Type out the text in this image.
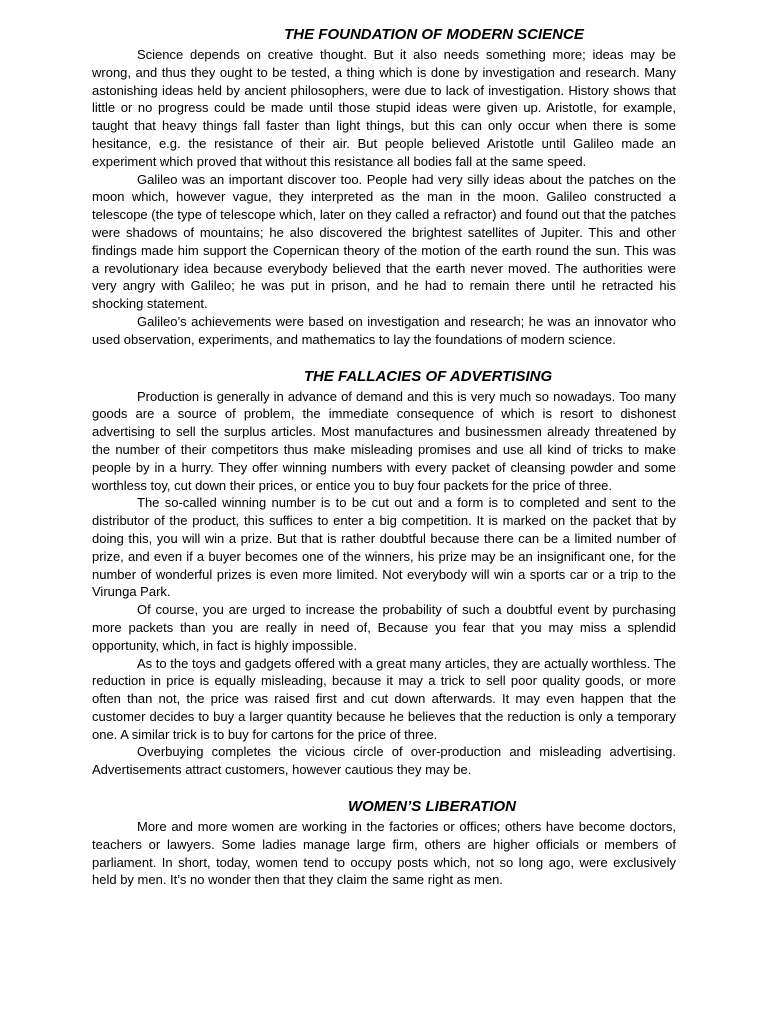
THE FOUNDATION OF MODERN SCIENCE

Science depends on creative thought. But it also needs something more; ideas may be wrong, and thus they ought to be tested, a thing which is done by investigation and research. Many astonishing ideas held by ancient philosophers, were due to lack of investigation. History shows that little or no progress could be made until those stupid ideas were given up. Aristotle, for example, taught that heavy things fall faster than light things, but this can only occur when there is some hesitance, e.g. the resistance of their air. But people believed Aristotle until Galileo made an experiment which proved that without this resistance all bodies fall at the same speed.

Galileo was an important discover too. People had very silly ideas about the patches on the moon which, however vague, they interpreted as the man in the moon. Galileo constructed a telescope (the type of telescope which, later on they called a refractor) and found out that the patches were shadows of mountains; he also discovered the brightest satellites of Jupiter. This and other findings made him support the Copernican theory of the motion of the earth round the sun. This was a revolutionary idea because everybody believed that the earth never moved. The authorities were very angry with Galileo; he was put in prison, and he had to remain there until he retracted his shocking statement.

Galileo’s achievements were based on investigation and research; he was an innovator who used observation, experiments, and mathematics to lay the foundations of modern science.

THE FALLACIES OF ADVERTISING

Production is generally in advance of demand and this is very much so nowadays. Too many goods are a source of problem, the immediate consequence of which is resort to dishonest advertising to sell the surplus articles. Most manufactures and businessmen already threatened by the number of their competitors thus make misleading promises and use all kind of tricks to make people by in a hurry. They offer winning numbers with every packet of cleansing powder and some worthless toy, cut down their prices, or entice you to buy four packets for the price of three.

The so-called winning number is to be cut out and a form is to completed and sent to the distributor of the product, this suffices to enter a big competition. It is marked on the packet that by doing this, you will win a prize. But that is rather doubtful because there can be a limited number of prize, and even if a buyer becomes one of the winners, his prize may be an insignificant one, for the number of wonderful prizes is even more limited. Not everybody will win a sports car or a trip to the Virunga Park.

Of course, you are urged to increase the probability of such a doubtful event by purchasing more packets than you are really in need of, Because you fear that you may miss a splendid opportunity, which, in fact is highly impossible.

As to the toys and gadgets offered with a great many articles, they are actually worthless. The reduction in price is equally misleading, because it may a trick to sell poor quality goods, or more often than not, the price was raised first and cut down afterwards. It may even happen that the customer decides to buy a larger quantity because he believes that the reduction is only a temporary one. A similar trick is to buy for cartons for the price of three.

Overbuying completes the vicious circle of over-production and misleading advertising. Advertisements attract customers, however cautious they may be.

WOMEN’S LIBERATION

More and more women are working in the factories or offices; others have become doctors, teachers or lawyers. Some ladies manage large firm, others are higher officials or members of parliament. In short, today, women tend to occupy posts which, not so long ago, were exclusively held by men. It’s no wonder then that they claim the same right as men.
